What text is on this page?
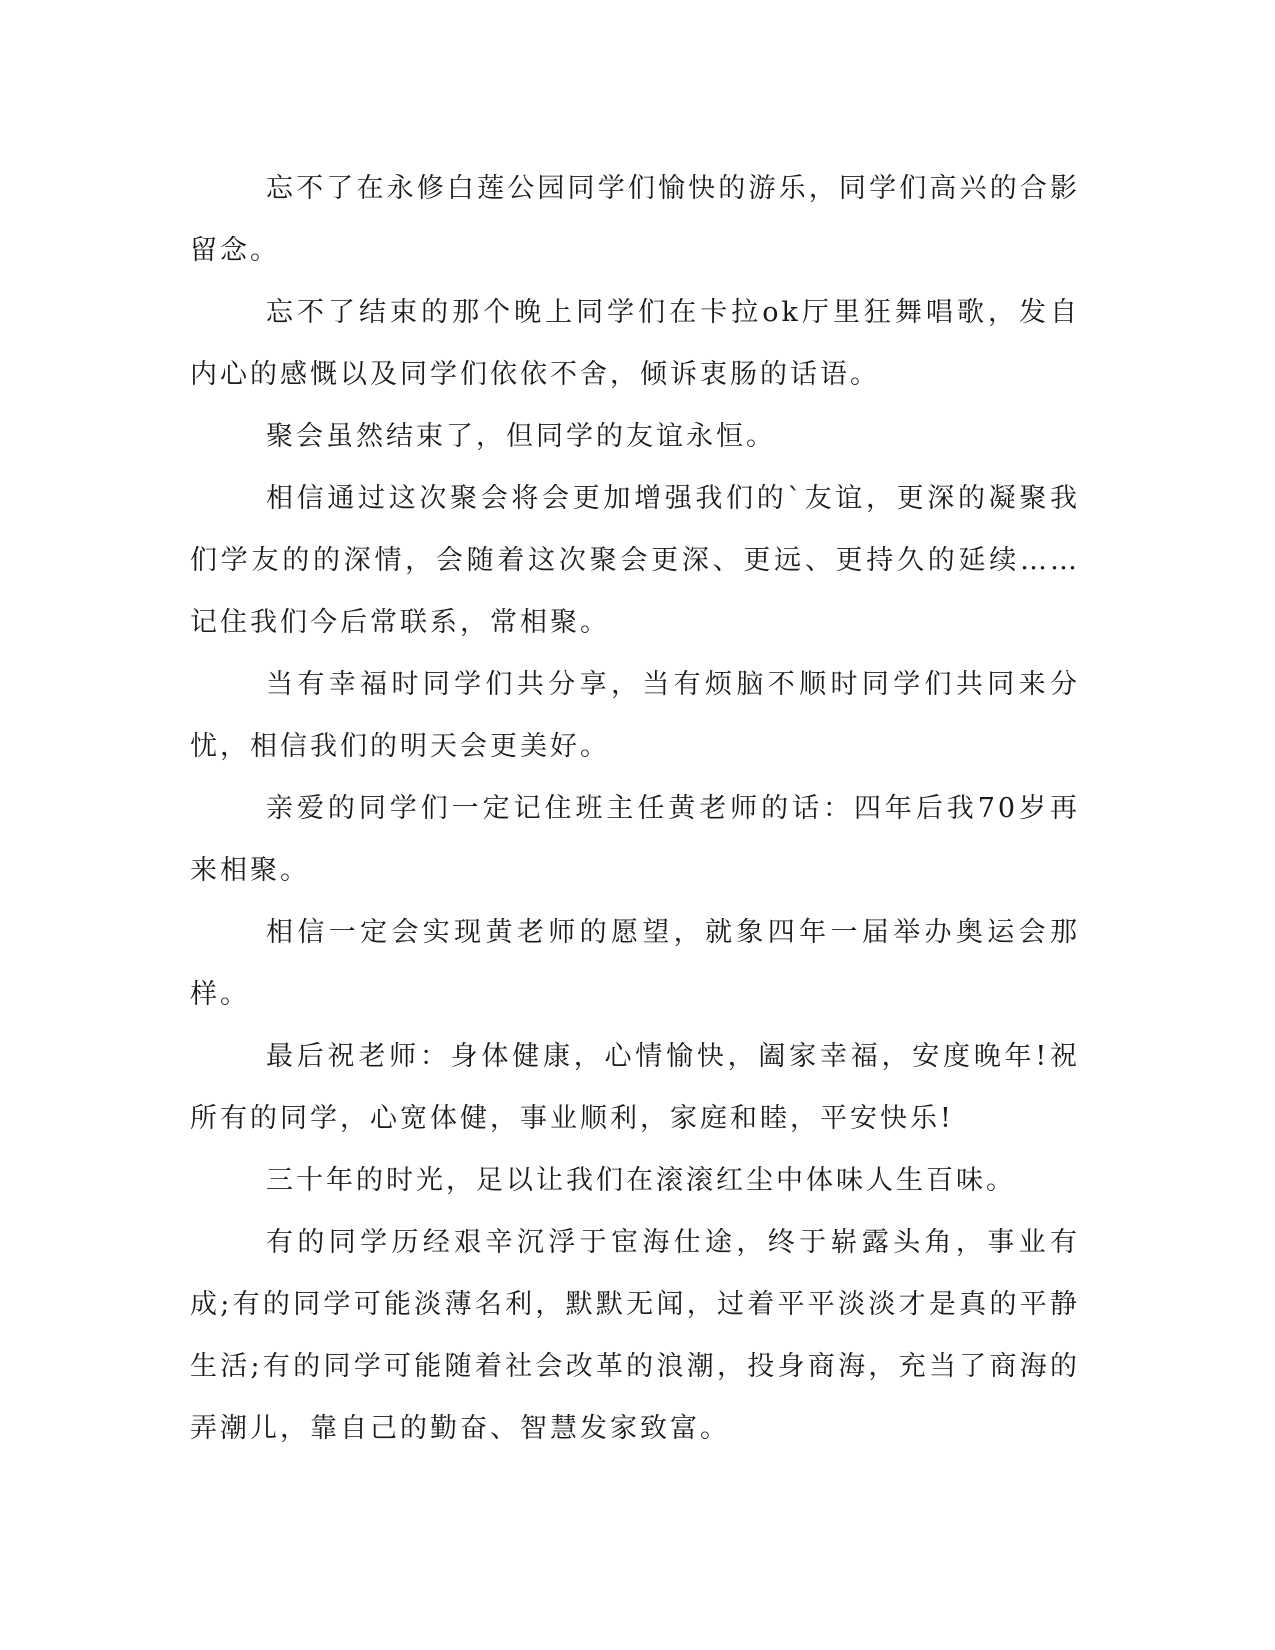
忘不了在永修白莲公园同学们愉快的游乐，同学们高兴的合影留念。

忘不了结束的那个晚上同学们在卡拉ok厅里狂舞唱歌，发自内心的感慨以及同学们依依不舍，倾诉衷肠的话语。

聚会虽然结束了，但同学的友谊永恒。

相信通过这次聚会将会更加增强我们的`友谊，更深的凝聚我们学友的的深情，会随着这次聚会更深、更远、更持久的延续……记住我们今后常联系，常相聚。

当有幸福时同学们共分享，当有烦脑不顺时同学们共同来分忧，相信我们的明天会更美好。

亲爱的同学们一定记住班主任黄老师的话：四年后我70岁再来相聚。

相信一定会实现黄老师的愿望，就象四年一届举办奥运会那样。

最后祝老师：身体健康，心情愉快，阖家幸福，安度晚年!祝所有的同学，心宽体健，事业顺利，家庭和睦，平安快乐!

三十年的时光，足以让我们在滚滚红尘中体味人生百味。

有的同学历经艰辛沉浮于宦海仕途，终于崭露头角，事业有成;有的同学可能淡薄名利，默默无闻，过着平平淡淡才是真的平静生活;有的同学可能随着社会改革的浪潮，投身商海，充当了商海的弄潮儿，靠自己的勤奋、智慧发家致富。
